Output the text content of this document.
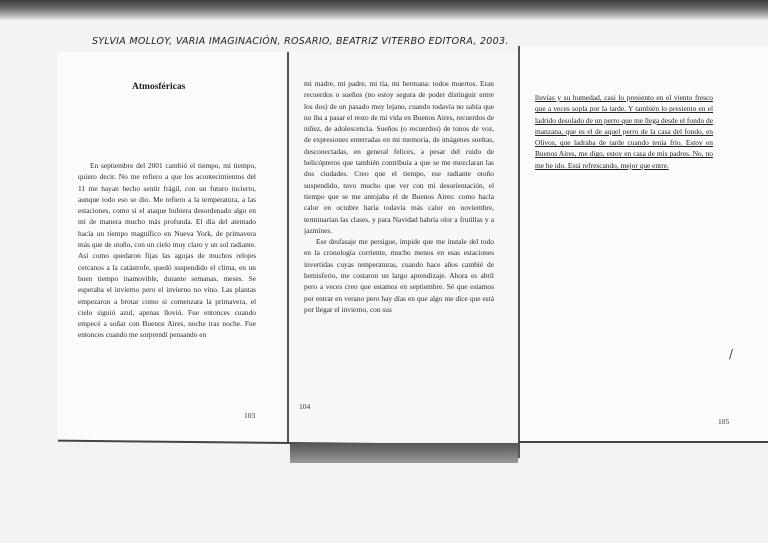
SYLVIA MOLLOY, VARIA IMAGINACIÓN, ROSARIO, BEATRIZ VITERBO EDITORA, 2003.
Atmosféricas

En septiembre del 2001 cambió el tiempo, mi tiempo, quiero decir. No me refiero a que los acontecimientos del 11 me hayan hecho sentir frágil, con un futuro incierto, aunque todo eso se dio. Me refiero a la temperatura, a las estaciones, como si el ataque hubiera desordenado algo en mí de manera mucho más profunda. El día del atentado hacía un tiempo magnífico en Nueva York, de primavera más que de otoño, con un cielo muy claro y un sol radiante. Así como quedaron fijas las agujas de muchos relojes cercanos a la catástrofe, quedó suspendido el clima, en un buen tiempo inamovible, durante semanas, meses. Se esperaba el invierno pero el invierno no vino. Las plantas empezaron a brotar como si comenzara la primavera, el cielo siguió azul, apenas llovió. Fue entonces cuando empecé a soñar con Buenos Aires, noche tras noche. Fue entonces cuando me sorprendí pensando en

mi madre, mi padre, mi tía, mi hermana: todos muertos. Eran recuerdos o sueños (no estoy segura de poder distinguir entre los dos) de un pasado muy lejano, cuando todavía no sabía que no iba a pasar el resto de mi vida en Buenos Aires, recuerdos de niñez, de adolescencia. Sueños (o recuerdos) de tonos de voz, de expresiones enterradas en mi memoria, de imágenes sueltas, desconectadas, en general felices, a pesar del ruido de helicópteros que también contribuía a que se me mezclaran las dos ciudades. Creo que el tiempo, ese radiante otoño suspendido, tuvo mucho que ver con mi desorientación, el tiempo que se me antojaba el de Buenos Aires: como hacía calor en octubre haría todavía más calor en noviembre, terminarían las clases, y para Navidad habría olor a frutillas y a jazmines.

Ese desfasaje me persigue, impide que me instale del todo en la cronología corriente, mucho menos en esas estaciones invertidas cuyas temperaturas, cuando hace años cambié de hemisferio, me costaron un largo aprendizaje. Ahora es abril pero a veces creo que estamos en septiembre. Sé que estamos por entrar en verano pero hay días en que algo me dice que está por llegar el invierno, con sus

lluvias y su humedad, casi lo presiento en el viento fresco que a veces sopla por la tarde. Y también lo presiento en el ladrido desolado de un perro que me llega desde el fondo de manzana, que es el de aquel perro de la casa del fondo, en Olivos, que ladraba de tarde cuando tenía frío. Estoy en Buenos Aires, me digo, estoy en casa de mis padres. No, no me he ido. Está refrescando, mejor que entre.

103
104
105
/
